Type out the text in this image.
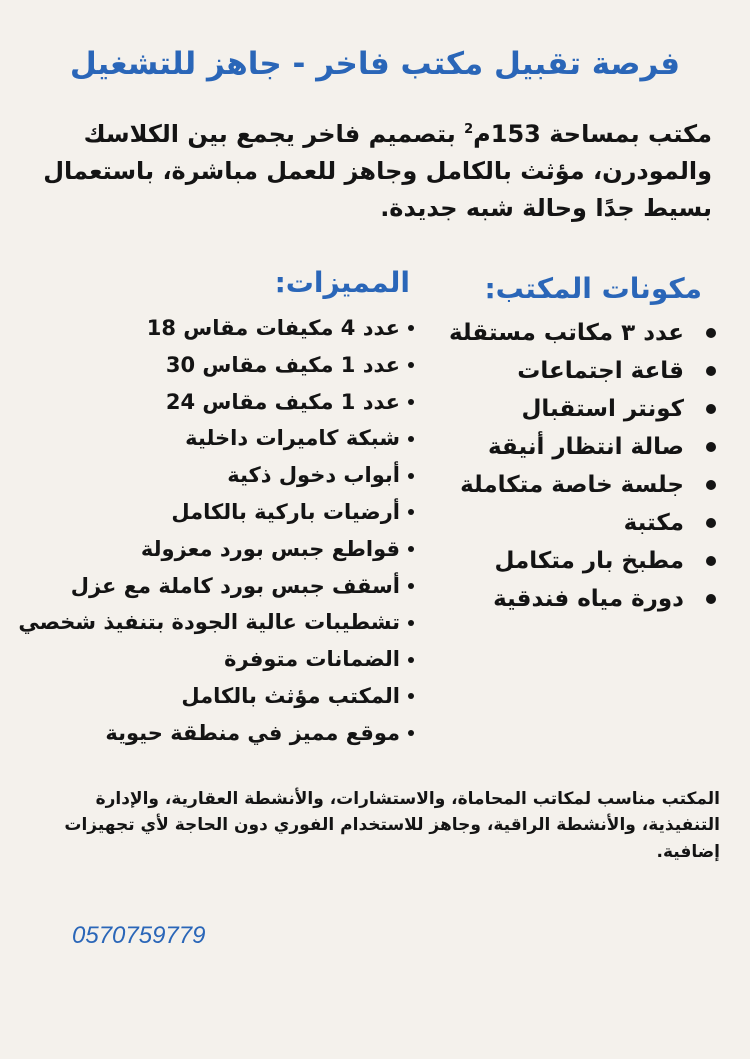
فرصة تقبيل مكتب فاخر - جاهز للتشغيل

مكتب بمساحة 153م$^2$ بتصميم فاخر يجمع بين الكلاسك والمودرن، مؤثث بالكامل وجاهز للعمل مباشرة، باستعمال بسيط جدًا وحالة شبه جديدة.

مكونات المكتب:
عدد ٣ مكاتب مستقلة
قاعة اجتماعات
كونتر استقبال
صالة انتظار أنيقة
جلسة خاصة متكاملة
مكتبة
مطبخ بار متكامل
دورة مياه فندقية
المميزات:
عدد 4 مكيفات مقاس 18
عدد 1 مكيف مقاس 30
عدد 1 مكيف مقاس 24
شبكة كاميرات داخلية
أبواب دخول ذكية
أرضيات باركية بالكامل
قواطع جبس بورد معزولة
أسقف جبس بورد كاملة مع عزل
تشطيبات عالية الجودة بتنفيذ شخصي
الضمانات متوفرة
المكتب مؤثث بالكامل
موقع مميز في منطقة حيوية

المكتب مناسب لمكاتب المحاماة، والاستشارات، والأنشطة العقارية، والإدارة التنفيذية، والأنشطة الراقية، وجاهز للاستخدام الفوري دون الحاجة لأي تجهيزات إضافية.

0570759779
